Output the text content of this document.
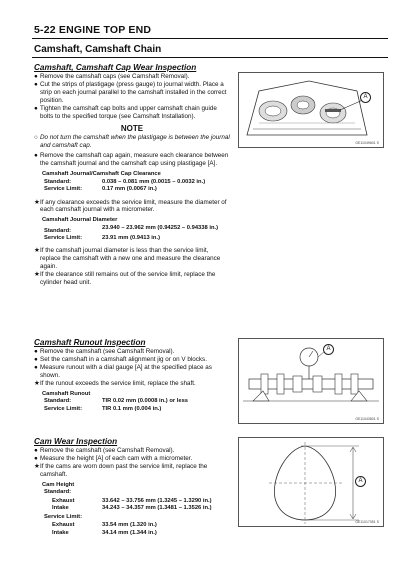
5-22 ENGINE TOP END
Camshaft, Camshaft Chain
Camshaft, Camshaft Cap Wear Inspection
● Remove the camshaft caps (see Camshaft Removal).
● Cut the strips of plastigage (press gauge) to journal width. Place a strip on each journal parallel to the camshaft installed in the correct position.
● Tighten the camshaft cap bolts and upper camshaft chain guide bolts to the specified torque (see Camshaft Installation).
NOTE
○ Do not turn the camshaft when the plastigage is between the journal and camshaft cap.
● Remove the camshaft cap again, measure each clearance between the camshaft journal and the camshaft cap using plastigage [A].
Camshaft Journal/Camshaft Cap Clearance
Standard:	0.038 – 0.081 mm (0.0015 – 0.0032 in.)
Service Limit:	0.17 mm (0.0067 in.)
★ If any clearance exceeds the service limit, measure the diameter of each camshaft journal with a micrometer.
Camshaft Journal Diameter
Standard:	23.940 – 23.962 mm (0.94252 – 0.94338 in.)
Service Limit:	23.91 mm (0.9413 in.)
★ If the camshaft journal diameter is less than the service limit, replace the camshaft with a new one and measure the clearance again.
★ If the clearance still remains out of the service limit, replace the cylinder head unit.
A
GE11049601 S
Camshaft Runout Inspection
● Remove the camshaft (see Camshaft Removal).
● Set the camshaft in a camshaft alignment jig or on V blocks.
● Measure runout with a dial gauge [A] at the specified place as shown.
★ If the runout exceeds the service limit, replace the shaft.
Camshaft Runout
Standard:	TIR 0.02 mm (0.0008 in.) or less
Service Limit:	TIR 0.1 mm (0.004 in.)
A
GE11043601 S
Cam Wear Inspection
● Remove the camshaft (see Camshaft Removal).
● Measure the height [A] of each cam with a micrometer.
★ If the cams are worn down past the service limit, replace the camshaft.
Cam Height
Standard:
Exhaust	33.642 – 33.756 mm (1.3245 – 1.3290 in.)
Intake	34.243 – 34.357 mm (1.3481 – 1.3526 in.)
Service Limit:
Exhaust	33.54 mm (1.320 in.)
Intake	34.14 mm (1.344 in.)
A
GE11017051 S
